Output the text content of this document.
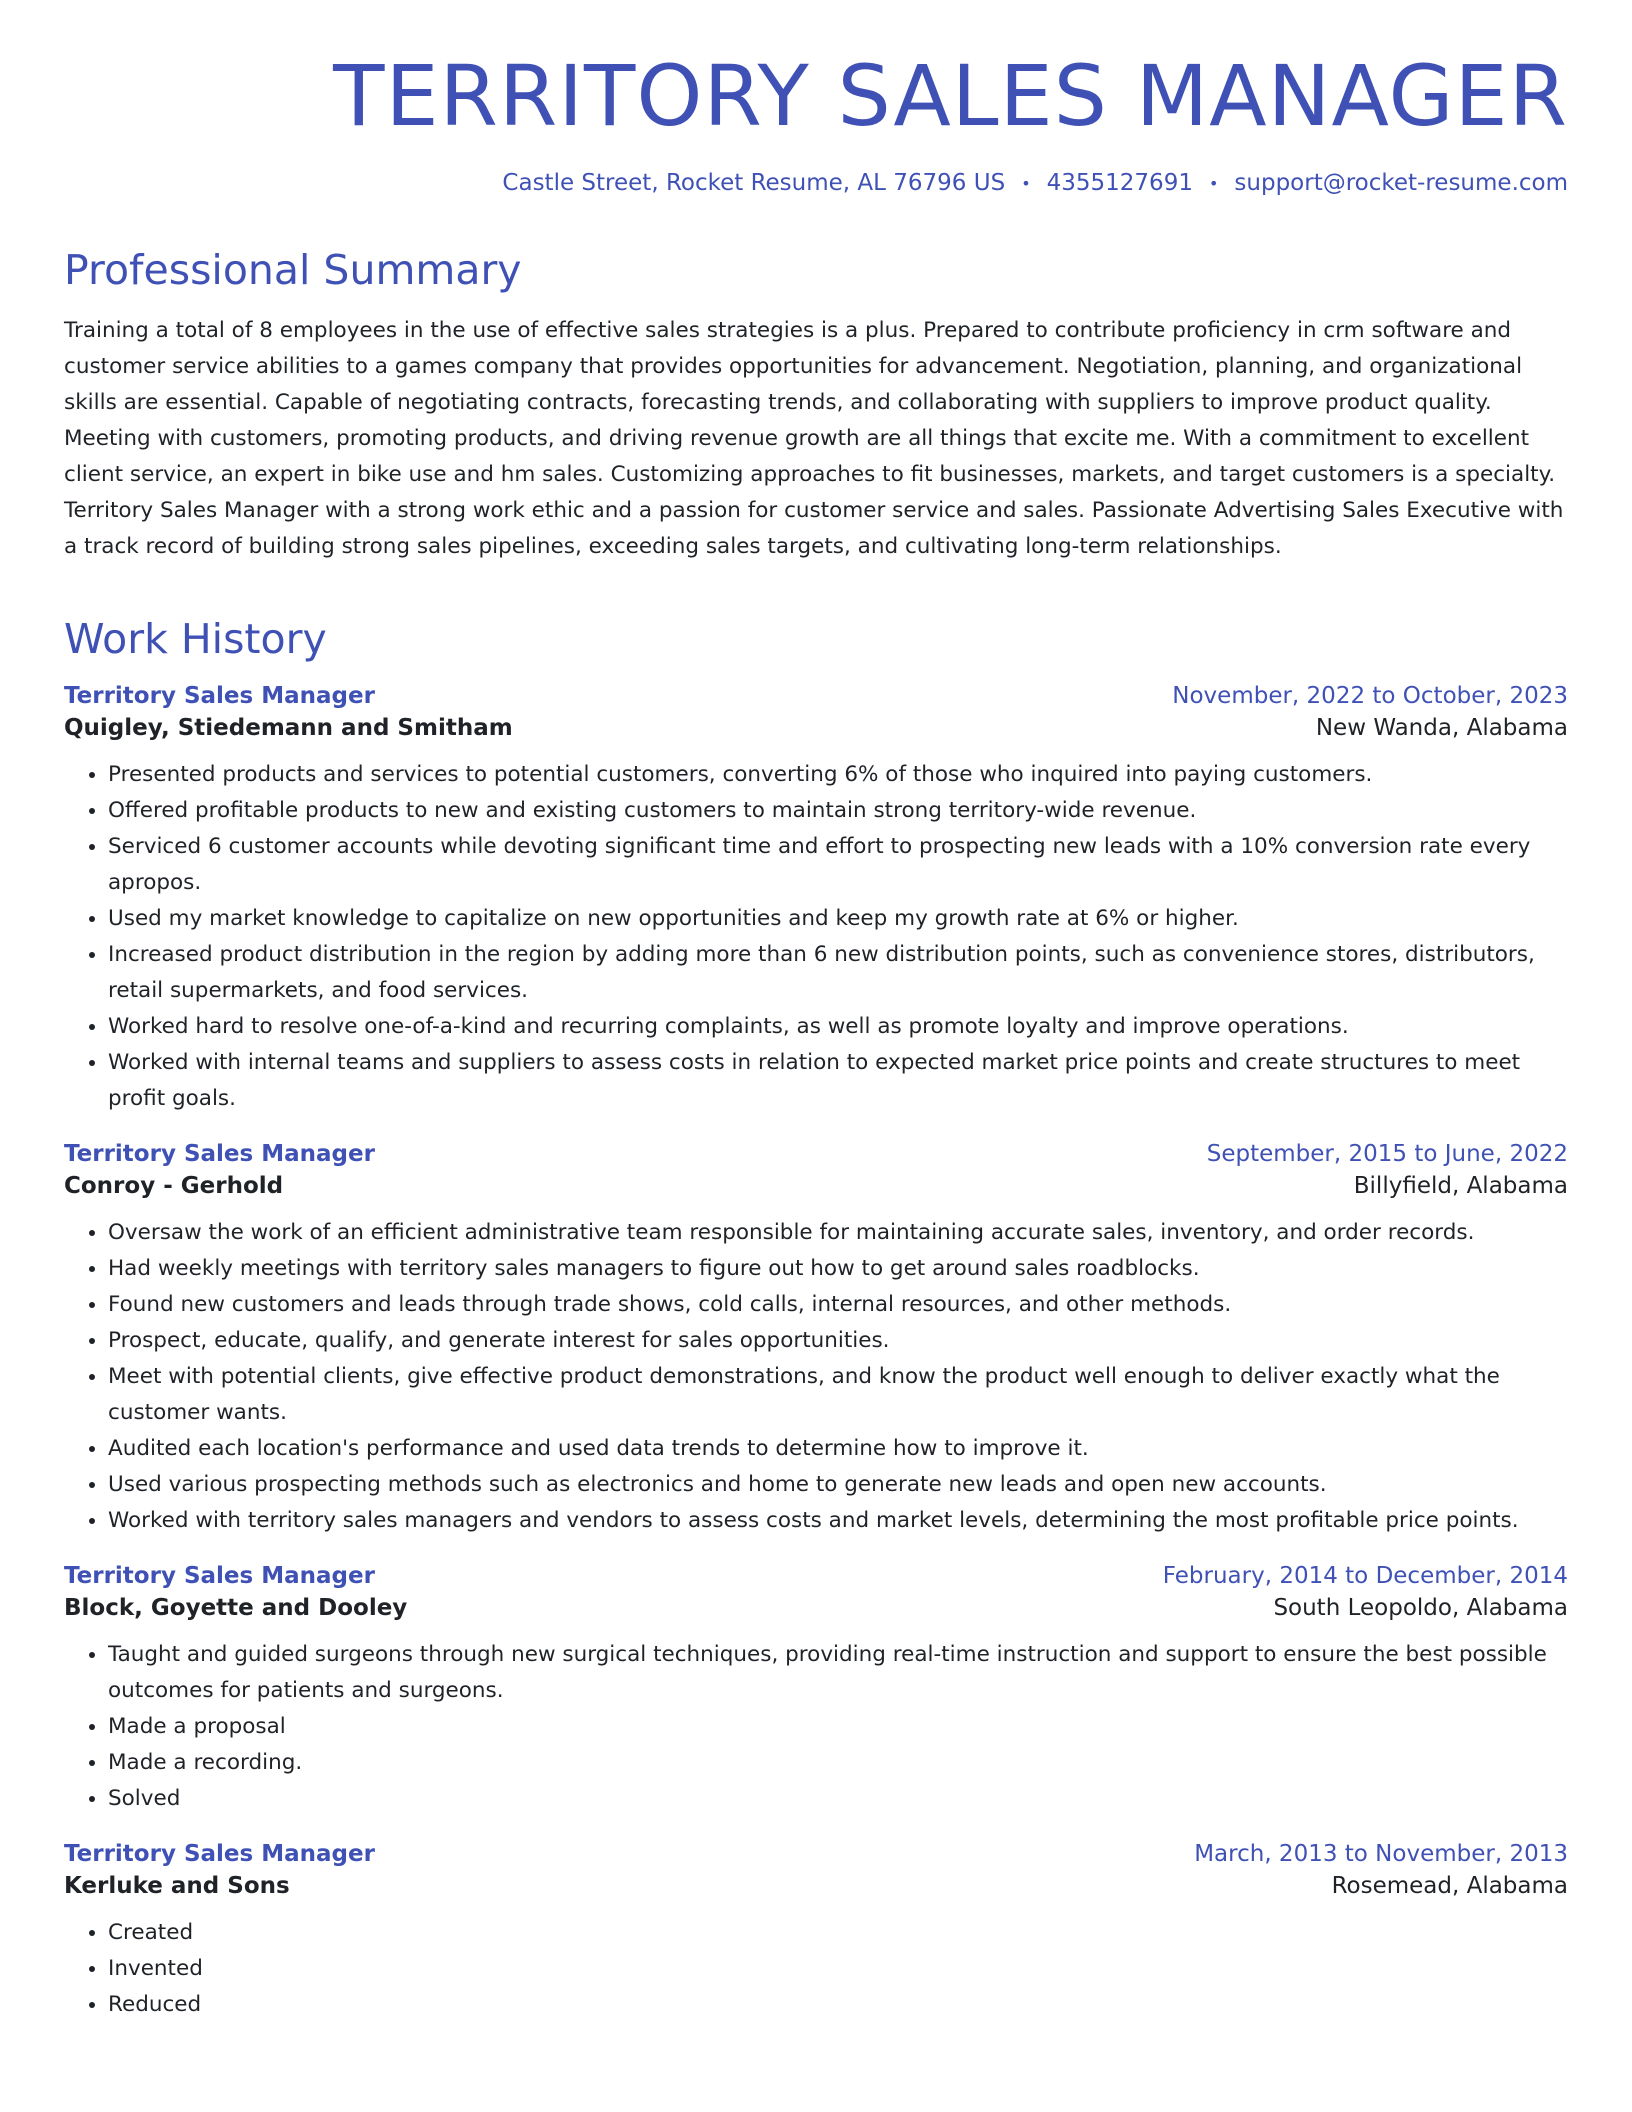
TERRITORY SALES MANAGER
Castle Street, Rocket Resume, AL 76796 US • 4355127691 • support@rocket-resume.com
Professional Summary

Training a total of 8 employees in the use of effective sales strategies is a plus. Prepared to contribute proficiency in crm software and customer service abilities to a games company that provides opportunities for advancement. Negotiation, planning, and organizational skills are essential. Capable of negotiating contracts, forecasting trends, and collaborating with suppliers to improve product quality. Meeting with customers, promoting products, and driving revenue growth are all things that excite me. With a commitment to excellent client service, an expert in bike use and hm sales. Customizing approaches to fit businesses, markets, and target customers is a specialty. Territory Sales Manager with a strong work ethic and a passion for customer service and sales. Passionate Advertising Sales Executive with a track record of building strong sales pipelines, exceeding sales targets, and cultivating long-term relationships.

Work History
Territory Sales Manager	November, 2022 to October, 2023
Quigley, Stiedemann and Smitham	New Wanda, Alabama
• Presented products and services to potential customers, converting 6% of those who inquired into paying customers.
• Offered profitable products to new and existing customers to maintain strong territory-wide revenue.
• Serviced 6 customer accounts while devoting significant time and effort to prospecting new leads with a 10% conversion rate every apropos.
• Used my market knowledge to capitalize on new opportunities and keep my growth rate at 6% or higher.
• Increased product distribution in the region by adding more than 6 new distribution points, such as convenience stores, distributors, retail supermarkets, and food services.
• Worked hard to resolve one-of-a-kind and recurring complaints, as well as promote loyalty and improve operations.
• Worked with internal teams and suppliers to assess costs in relation to expected market price points and create structures to meet profit goals.
Territory Sales Manager	September, 2015 to June, 2022
Conroy - Gerhold	Billyfield, Alabama
• Oversaw the work of an efficient administrative team responsible for maintaining accurate sales, inventory, and order records.
• Had weekly meetings with territory sales managers to figure out how to get around sales roadblocks.
• Found new customers and leads through trade shows, cold calls, internal resources, and other methods.
• Prospect, educate, qualify, and generate interest for sales opportunities.
• Meet with potential clients, give effective product demonstrations, and know the product well enough to deliver exactly what the customer wants.
• Audited each location's performance and used data trends to determine how to improve it.
• Used various prospecting methods such as electronics and home to generate new leads and open new accounts.
• Worked with territory sales managers and vendors to assess costs and market levels, determining the most profitable price points.
Territory Sales Manager	February, 2014 to December, 2014
Block, Goyette and Dooley	South Leopoldo, Alabama
• Taught and guided surgeons through new surgical techniques, providing real-time instruction and support to ensure the best possible outcomes for patients and surgeons.
• Made a proposal
• Made a recording.
• Solved
Territory Sales Manager	March, 2013 to November, 2013
Kerluke and Sons	Rosemead, Alabama
• Created
• Invented
• Reduced
